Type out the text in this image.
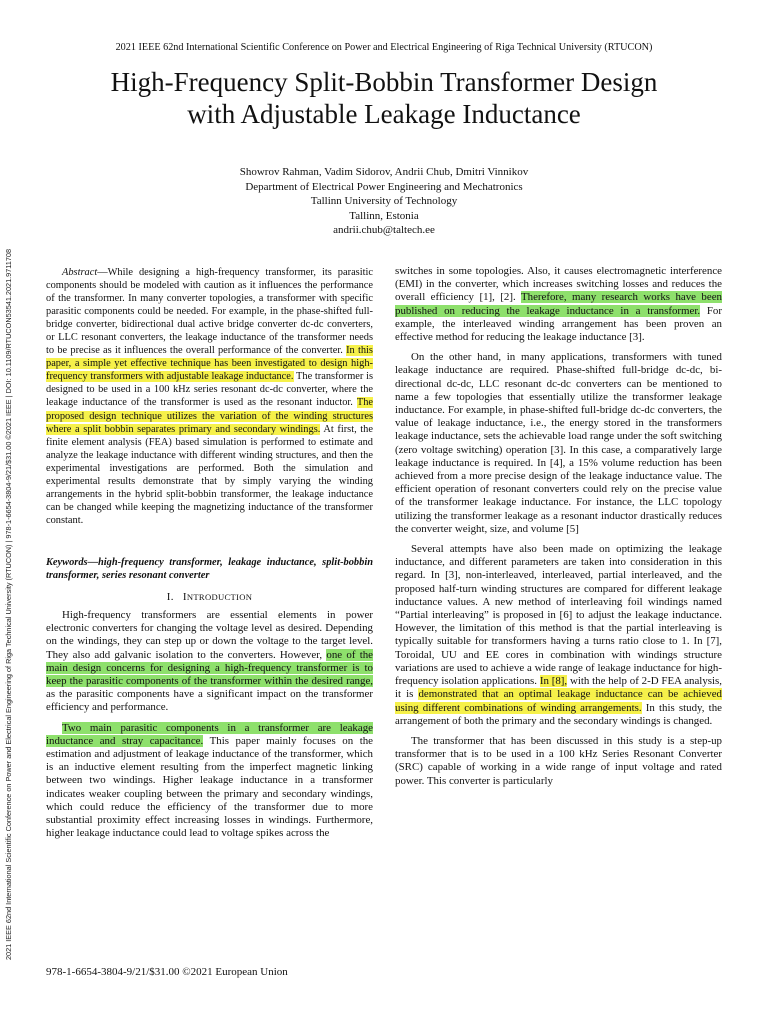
2021 IEEE 62nd International Scientific Conference on Power and Electrical Engineering of Riga Technical University (RTUCON)
High-Frequency Split-Bobbin Transformer Design
with Adjustable Leakage Inductance
Showrov Rahman, Vadim Sidorov, Andrii Chub, Dmitri Vinnikov
Department of Electrical Power Engineering and Mechatronics
Tallinn University of Technology
Tallinn, Estonia
andrii.chub@taltech.ee
2021 IEEE 62nd International Scientific Conference on Power and Electrical Engineering of Riga Technical University (RTUCON) | 978-1-6654-3804-9/21/$31.00 ©2021 IEEE | DOI: 10.1109/RTUCON53541.2021.9711708	Abstract—While designing a high-frequency transformer, its parasitic components should be modeled with caution as it influences the performance of the transformer. In many converter topologies, a transformer with specific parasitic components could be needed. For example, in the phase-shifted full-bridge converter, bidirectional dual active bridge converter dc-dc converters, or LLC resonant converters, the leakage inductance of the transformer needs to be precise as it influences the overall performance of the converter. In this paper, a simple yet effective technique has been investigated to design high-frequency transformers with adjustable leakage inductance. The transformer is designed to be used in a 100 kHz series resonant dc-dc converter, where the leakage inductance of the transformer is used as the resonant inductor. The proposed design technique utilizes the variation of the winding structures where a split bobbin separates primary and secondary windings. At first, the finite element analysis (FEA) based simulation is performed to estimate and analyze the leakage inductance with different winding structures, and then the experimental investigations are performed. Both the simulation and experimental results demonstrate that by simply varying the winding arrangements in the hybrid split-bobbin transformer, the leakage inductance can be changed while keeping the magnetizing inductance of the transformer constant.

Keywords—high-frequency transformer, leakage inductance, split-bobbin transformer, series resonant converter
I. INTRODUCTION

High-frequency transformers are essential elements in power electronic converters for changing the voltage level as desired. Depending on the windings, they can step up or down the voltage to the target level. They also add galvanic isolation to the converters. However, one of the main design concerns for designing a high-frequency transformer is to keep the parasitic components of the transformer within the desired range, as the parasitic components have a significant impact on the transformer efficiency and performance.

Two main parasitic components in a transformer are leakage inductance and stray capacitance. This paper mainly focuses on the estimation and adjustment of leakage inductance of the transformer, which is an inductive element resulting from the imperfect magnetic linking between two windings. Higher leakage inductance in a transformer indicates weaker coupling between the primary and secondary windings, which could reduce the efficiency of the transformer due to more substantial proximity effect increasing losses in windings. Furthermore, higher leakage inductance could lead to voltage spikes across the

switches in some topologies. Also, it causes electromagnetic interference (EMI) in the converter, which increases switching losses and reduces the overall efficiency [1], [2]. Therefore, many research works have been published on reducing the leakage inductance in a transformer. For example, the interleaved winding arrangement has been proven an effective method for reducing the leakage inductance [3].

On the other hand, in many applications, transformers with tuned leakage inductance are required. Phase-shifted full-bridge dc-dc, bi-directional dc-dc, LLC resonant dc-dc converters can be mentioned to name a few topologies that essentially utilize the transformer leakage inductance. For example, in phase-shifted full-bridge dc-dc converters, the value of leakage inductance, i.e., the energy stored in the transformers leakage inductance, sets the achievable load range under the soft switching (zero voltage switching) operation [3]. In this case, a comparatively large leakage inductance is required. In [4], a 15% volume reduction has been achieved from a more precise design of the leakage inductance value. The efficient operation of resonant converters could rely on the precise value of the transformer leakage inductance. For instance, the LLC topology utilizing the transformer leakage as a resonant inductor drastically reduces the converter weight, size, and volume [5]

Several attempts have also been made on optimizing the leakage inductance, and different parameters are taken into consideration in this regard. In [3], non-interleaved, interleaved, partial interleaved, and the proposed half-turn winding structures are compared for different leakage inductance values. A new method of interleaving foil windings named “Partial interleaving” is proposed in [6] to adjust the leakage inductance. However, the limitation of this method is that the partial interleaving is typically suitable for transformers having a turns ratio close to 1. In [7], Toroidal, UU and EE cores in combination with windings structure variations are used to achieve a wide range of leakage inductance for high-frequency isolation applications. In [8], with the help of 2-D FEA analysis, it is demonstrated that an optimal leakage inductance can be achieved using different combinations of winding arrangements. In this study, the arrangement of both the primary and the secondary windings is changed.

The transformer that has been discussed in this study is a step-up transformer that is to be used in a 100 kHz Series Resonant Converter (SRC) capable of working in a wide range of input voltage and rated power. This converter is particularly

978-1-6654-3804-9/21/$31.00 ©2021 European Union
